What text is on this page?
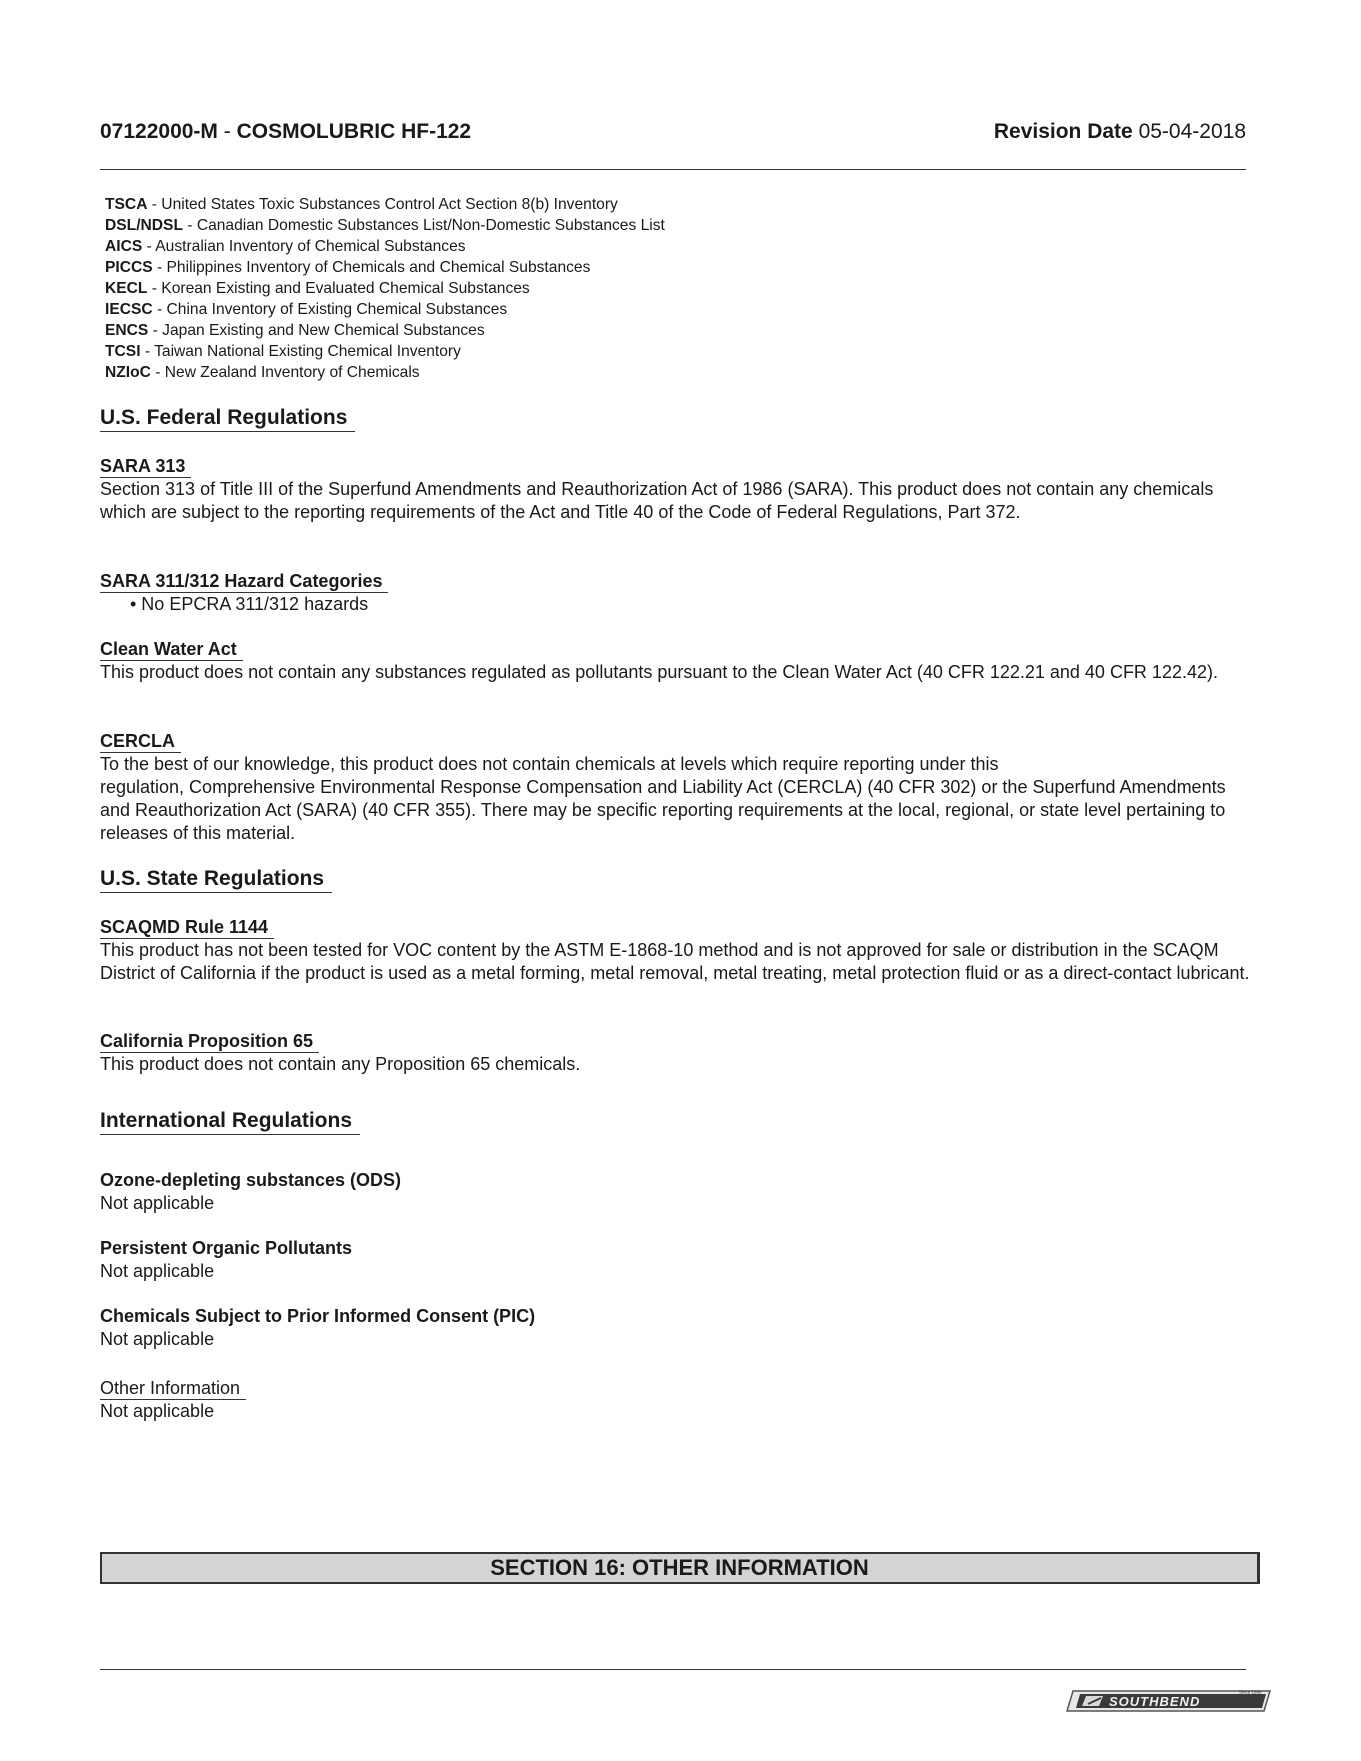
07122000-M - COSMOLUBRIC HF-122	Revision Date 05-04-2018
TSCA - United States Toxic Substances Control Act Section 8(b) Inventory
DSL/NDSL - Canadian Domestic Substances List/Non-Domestic Substances List
AICS - Australian Inventory of Chemical Substances
PICCS - Philippines Inventory of Chemicals and Chemical Substances
KECL - Korean Existing and Evaluated Chemical Substances
IECSC - China Inventory of Existing Chemical Substances
ENCS - Japan Existing and New Chemical Substances
TCSI - Taiwan National Existing Chemical Inventory
NZIoC - New Zealand Inventory of Chemicals
U.S. Federal Regulations
SARA 313
Section 313 of Title III of the Superfund Amendments and Reauthorization Act of 1986 (SARA). This product does not contain any chemicals which are subject to the reporting requirements of the Act and Title 40 of the Code of Federal Regulations, Part 372.
SARA 311/312 Hazard Categories
• No EPCRA 311/312 hazards
Clean Water Act
This product does not contain any substances regulated as pollutants pursuant to the Clean Water Act (40 CFR 122.21 and 40 CFR 122.42).
CERCLA
To the best of our knowledge, this product does not contain chemicals at levels which require reporting under this
regulation, Comprehensive Environmental Response Compensation and Liability Act (CERCLA) (40 CFR 302) or the Superfund Amendments and Reauthorization Act (SARA) (40 CFR 355). There may be specific reporting requirements at the local, regional, or state level pertaining to releases of this material.
U.S. State Regulations
SCAQMD Rule 1144
This product has not been tested for VOC content by the ASTM E-1868-10 method and is not approved for sale or distribution in the SCAQM District of California if the product is used as a metal forming, metal removal, metal treating, metal protection fluid or as a direct-contact lubricant.
California Proposition 65
This product does not contain any Proposition 65 chemicals.
International Regulations
Ozone-depleting substances (ODS)
Not applicable
Persistent Organic Pollutants
Not applicable
Chemicals Subject to Prior Informed Consent (PIC)
Not applicable
Other Information
Not applicable
SECTION 16: OTHER INFORMATION
SOUTHBEND
Since 1898
